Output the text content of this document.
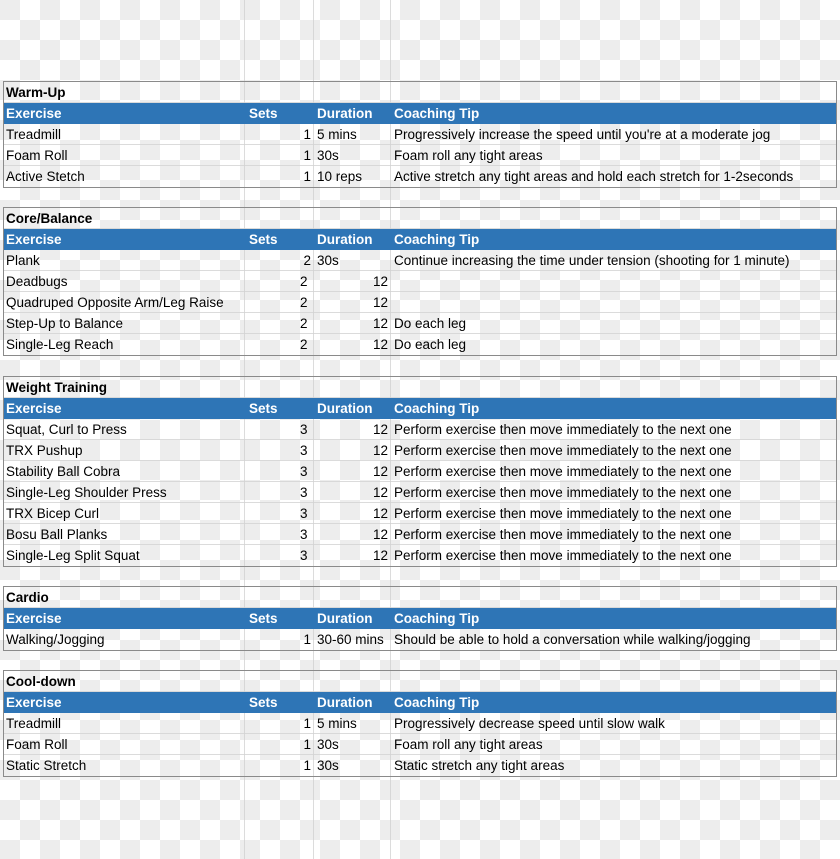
Warm-Up
Exercise	Sets	Duration	Coaching Tip
Treadmill	1 5 mins	Progressively increase the speed until you're at a moderate jog
Foam Roll	1 30s	Foam roll any tight areas
Active Stetch	1 10 reps	Active stretch any tight areas and hold each stretch for 1-2seconds
Core/Balance
Exercise	Sets	Duration	Coaching Tip
Plank	2 30s	Continue increasing the time under tension (shooting for 1 minute)
Deadbugs	2	12
Quadruped Opposite Arm/Leg Raise	2	12
Step-Up to Balance	2	12 Do each leg
Single-Leg Reach	2	12 Do each leg
Weight Training
Exercise	Sets	Duration	Coaching Tip
Squat, Curl to Press	3	12 Perform exercise then move immediately to the next one
TRX Pushup	3	12 Perform exercise then move immediately to the next one
Stability Ball Cobra	3	12 Perform exercise then move immediately to the next one
Single-Leg Shoulder Press	3	12 Perform exercise then move immediately to the next one
TRX Bicep Curl	3	12 Perform exercise then move immediately to the next one
Bosu Ball Planks	3	12 Perform exercise then move immediately to the next one
Single-Leg Split Squat	3	12 Perform exercise then move immediately to the next one
Cardio
Exercise	Sets	Duration	Coaching Tip
Walking/Jogging	1 30-60 mins Should be able to hold a conversation while walking/jogging
Cool-down
Exercise	Sets	Duration	Coaching Tip
Treadmill	1 5 mins	Progressively decrease speed until slow walk
Foam Roll	1 30s	Foam roll any tight areas
Static Stretch	1 30s	Static stretch any tight areas
